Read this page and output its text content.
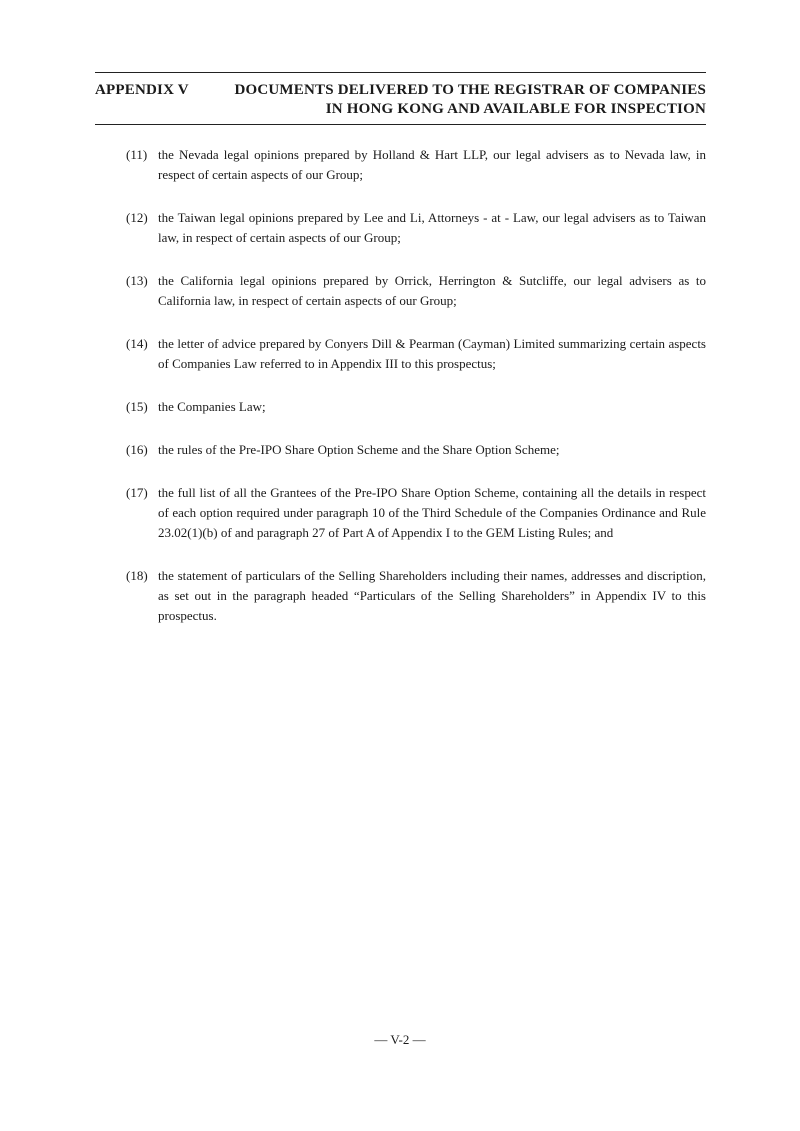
APPENDIX V	DOCUMENTS DELIVERED TO THE REGISTRAR OF COMPANIES
IN HONG KONG AND AVAILABLE FOR INSPECTION
(11) the Nevada legal opinions prepared by Holland & Hart LLP, our legal advisers as to Nevada law, in respect of certain aspects of our Group;
(12) the Taiwan legal opinions prepared by Lee and Li, Attorneys - at - Law, our legal advisers as to Taiwan law, in respect of certain aspects of our Group;
(13) the California legal opinions prepared by Orrick, Herrington & Sutcliffe, our legal advisers as to California law, in respect of certain aspects of our Group;
(14) the letter of advice prepared by Conyers Dill & Pearman (Cayman) Limited summarizing certain aspects of Companies Law referred to in Appendix III to this prospectus;
(15) the Companies Law;
(16) the rules of the Pre-IPO Share Option Scheme and the Share Option Scheme;
(17) the full list of all the Grantees of the Pre-IPO Share Option Scheme, containing all the details in respect of each option required under paragraph 10 of the Third Schedule of the Companies Ordinance and Rule 23.02(1)(b) of and paragraph 27 of Part A of Appendix I to the GEM Listing Rules; and
(18) the statement of particulars of the Selling Shareholders including their names, addresses and discription, as set out in the paragraph headed “Particulars of the Selling Shareholders” in Appendix IV to this prospectus.
— V-2 —
